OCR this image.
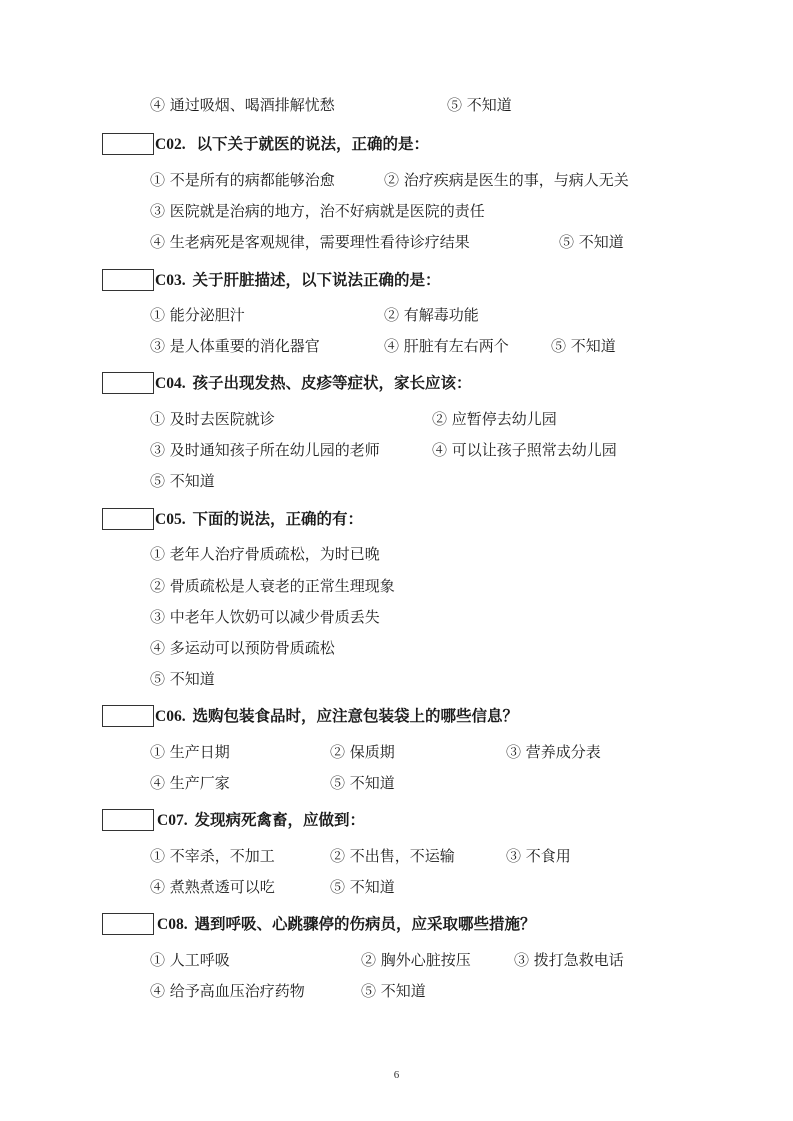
④ 通过吸烟、喝酒排解忧愁	⑤ 不知道
C02. 以下关于就医的说法，正确的是：
① 不是所有的病都能够治愈	② 治疗疾病是医生的事，与病人无关
③ 医院就是治病的地方，治不好病就是医院的责任
④ 生老病死是客观规律，需要理性看待诊疗结果	⑤ 不知道
C03. 关于肝脏描述，以下说法正确的是：
① 能分泌胆汁	② 有解毒功能
③ 是人体重要的消化器官	④ 肝脏有左右两个	⑤ 不知道
C04. 孩子出现发热、皮疹等症状，家长应该：
① 及时去医院就诊	② 应暂停去幼儿园
③ 及时通知孩子所在幼儿园的老师	④ 可以让孩子照常去幼儿园
⑤ 不知道
C05. 下面的说法，正确的有：
① 老年人治疗骨质疏松，为时已晚
② 骨质疏松是人衰老的正常生理现象
③ 中老年人饮奶可以减少骨质丢失
④ 多运动可以预防骨质疏松
⑤ 不知道
C06. 选购包装食品时，应注意包装袋上的哪些信息？
① 生产日期	② 保质期	③ 营养成分表
④ 生产厂家	⑤ 不知道
C07. 发现病死禽畜，应做到：
① 不宰杀，不加工	② 不出售，不运输	③ 不食用
④ 煮熟煮透可以吃	⑤ 不知道
C08. 遇到呼吸、心跳骤停的伤病员，应采取哪些措施？
① 人工呼吸	② 胸外心脏按压	③ 拨打急救电话
④ 给予高血压治疗药物	⑤ 不知道
6
